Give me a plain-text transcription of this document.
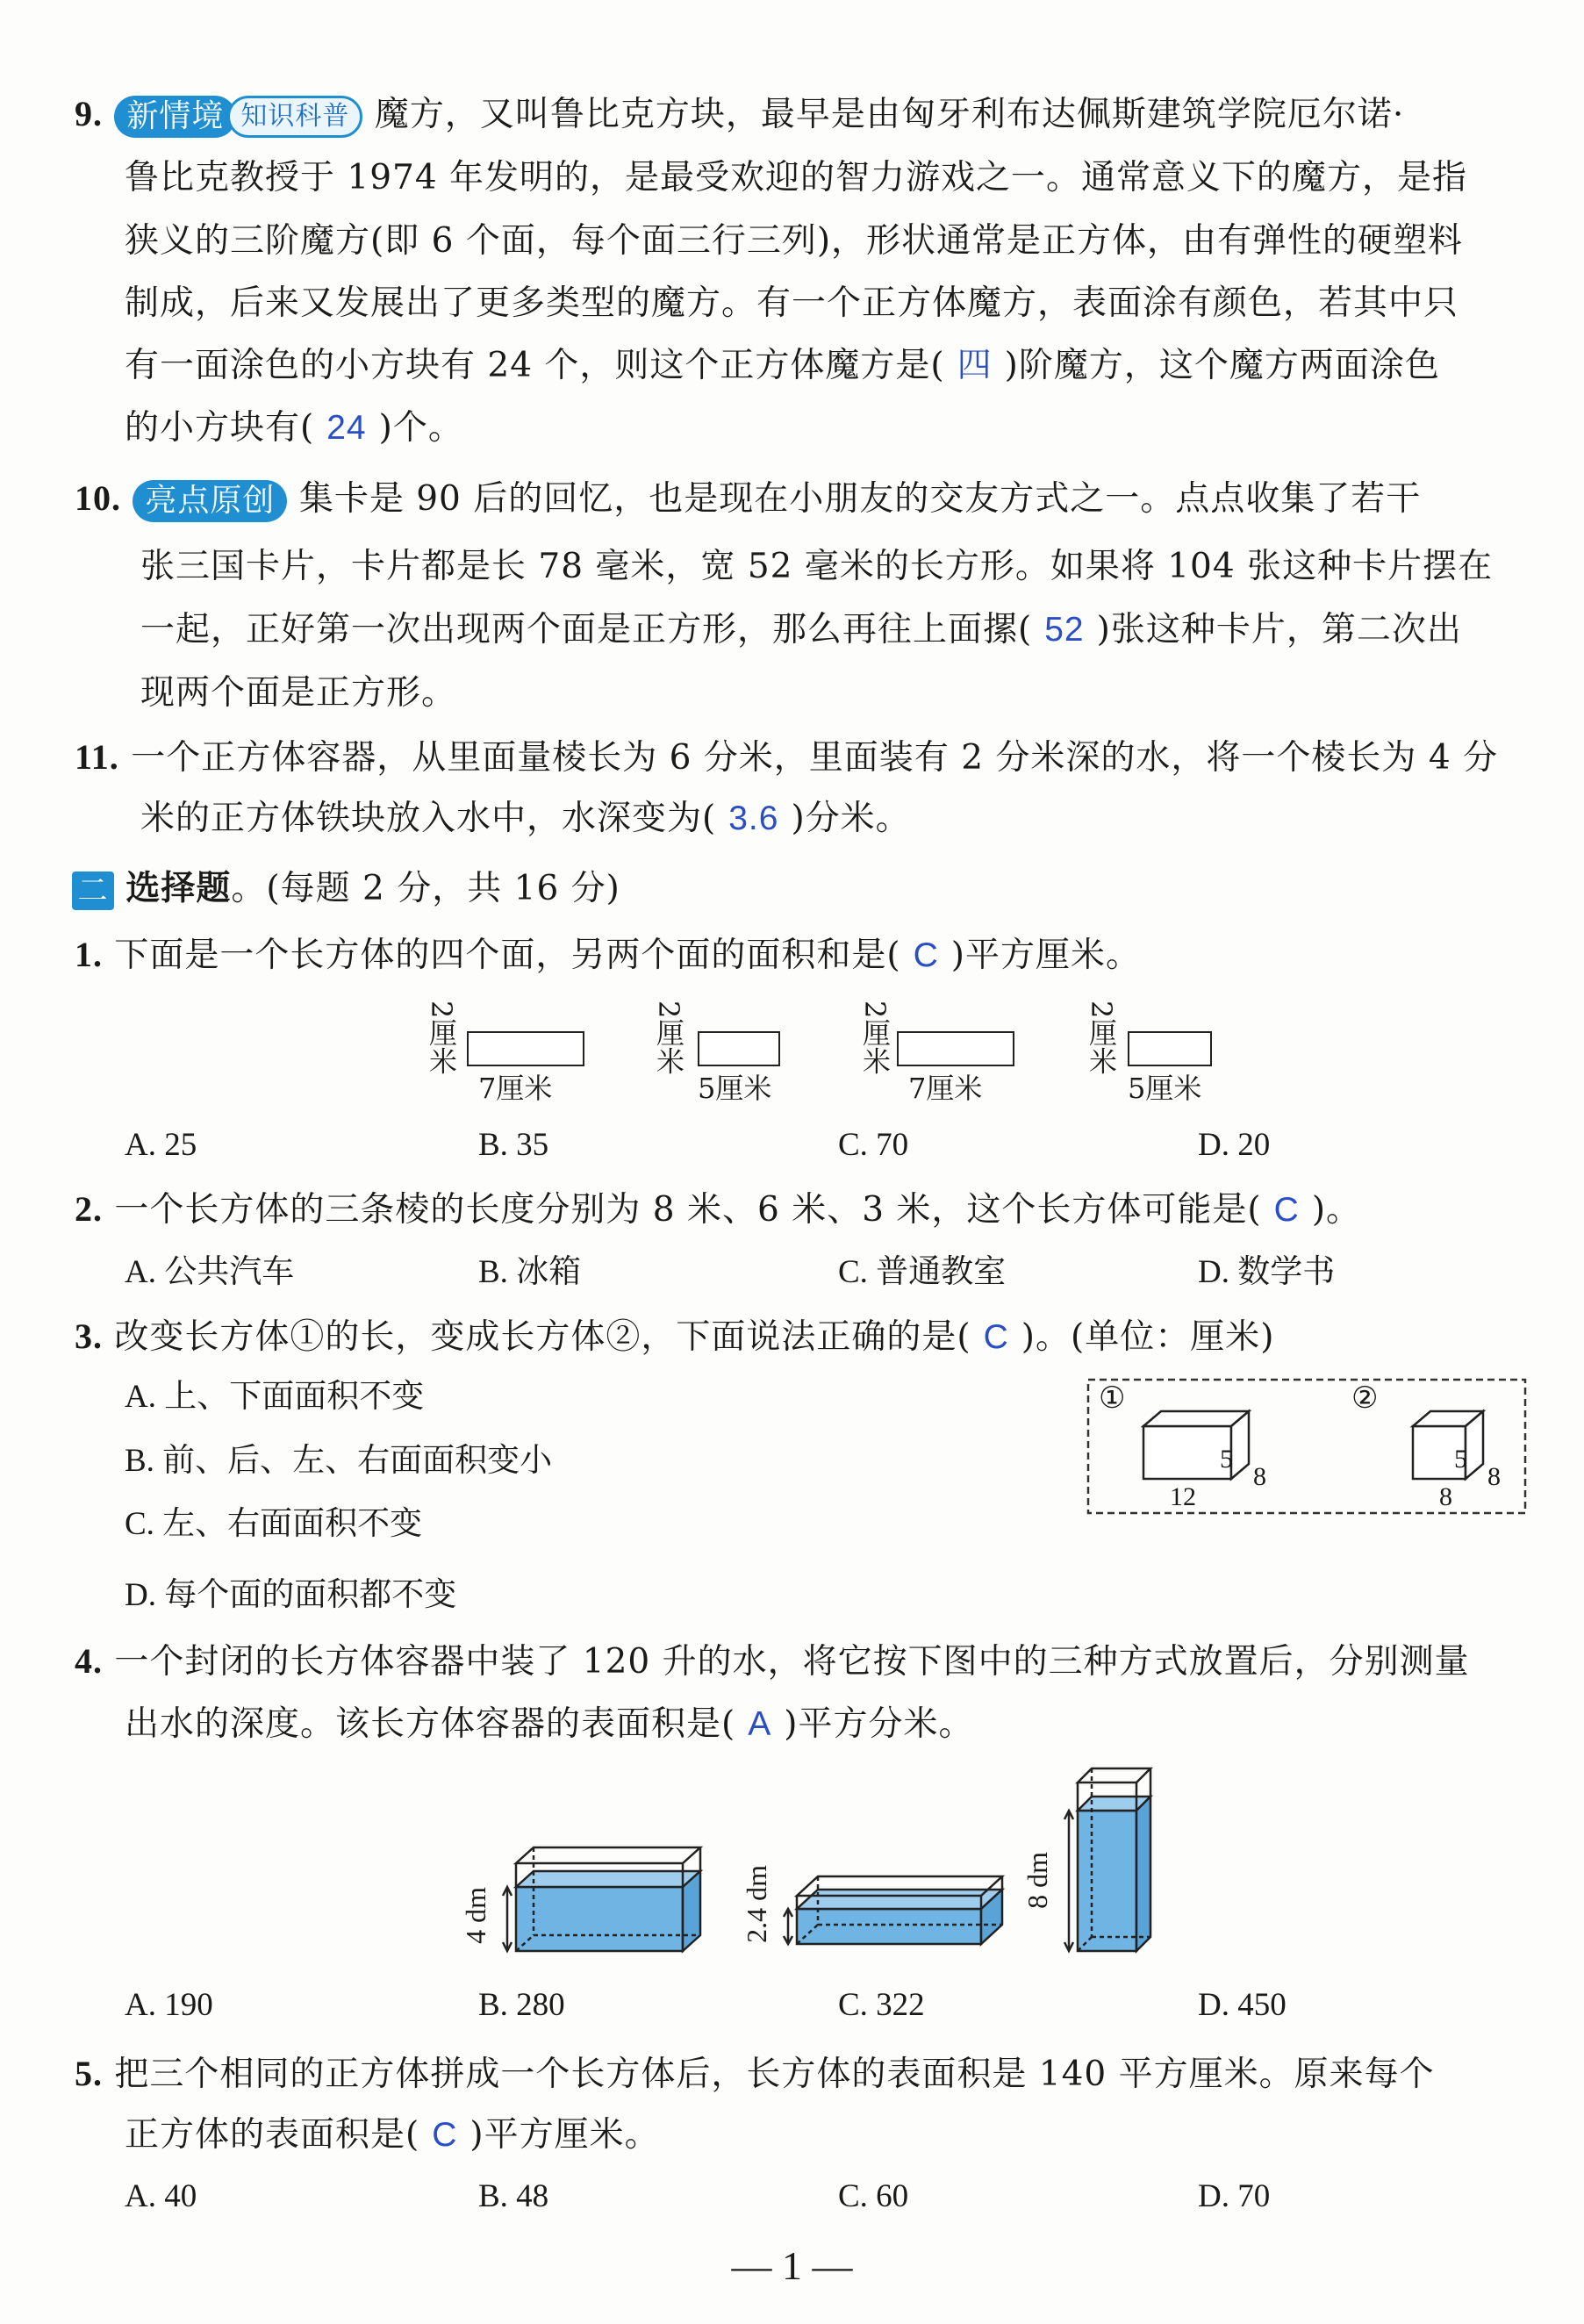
9. 新情境 知识科普 魔方，又叫鲁比克方块，最早是由匈牙利布达佩斯建筑学院厄尔诺·
鲁比克教授于 1974 年发明的，是最受欢迎的智力游戏之一。通常意义下的魔方，是指
狭义的三阶魔方(即 6 个面，每个面三行三列)，形状通常是正方体，由有弹性的硬塑料
制成，后来又发展出了更多类型的魔方。有一个正方体魔方，表面涂有颜色，若其中只
有一面涂色的小方块有 24 个，则这个正方体魔方是( 四 )阶魔方，这个魔方两面涂色
的小方块有( 24 )个。
10. 亮点原创 集卡是 90 后的回忆，也是现在小朋友的交友方式之一。点点收集了若干
张三国卡片，卡片都是长 78 毫米，宽 52 毫米的长方形。如果将 104 张这种卡片摆在
一起，正好第一次出现两个面是正方形，那么再往上面摞( 52 )张这种卡片，第二次出
现两个面是正方形。
11. 一个正方体容器，从里面量棱长为 6 分米，里面装有 2 分米深的水，将一个棱长为 4 分
米的正方体铁块放入水中，水深变为( 3.6 )分米。
二 选择题。(每题 2 分，共 16 分)
1. 下面是一个长方体的四个面，另两个面的面积和是( C )平方厘米。
2厘米
7厘米
2厘米
5厘米
2厘米
7厘米
2厘米
5厘米
A. 25	B. 35	C. 70	D. 20
2. 一个长方体的三条棱的长度分别为 8 米、6 米、3 米，这个长方体可能是( C )。
A. 公共汽车	B. 冰箱	C. 普通教室	D. 数学书
3. 改变长方体①的长，变成长方体②，下面说法正确的是( C )。(单位：厘米)
A. 上、下面面积不变
B. 前、后、左、右面面积变小
C. 左、右面面积不变
D. 每个面的面积都不变
①	②
5
8
12
5
8
8
4. 一个封闭的长方体容器中装了 120 升的水，将它按下图中的三种方式放置后，分别测量
出水的深度。该长方体容器的表面积是( A )平方分米。
4 dm	2.4 dm	8 dm
A. 190	B. 280	C. 322	D. 450
5. 把三个相同的正方体拼成一个长方体后，长方体的表面积是 140 平方厘米。原来每个
正方体的表面积是( C )平方厘米。
A. 40	B. 48	C. 60	D. 70
— 1 —
